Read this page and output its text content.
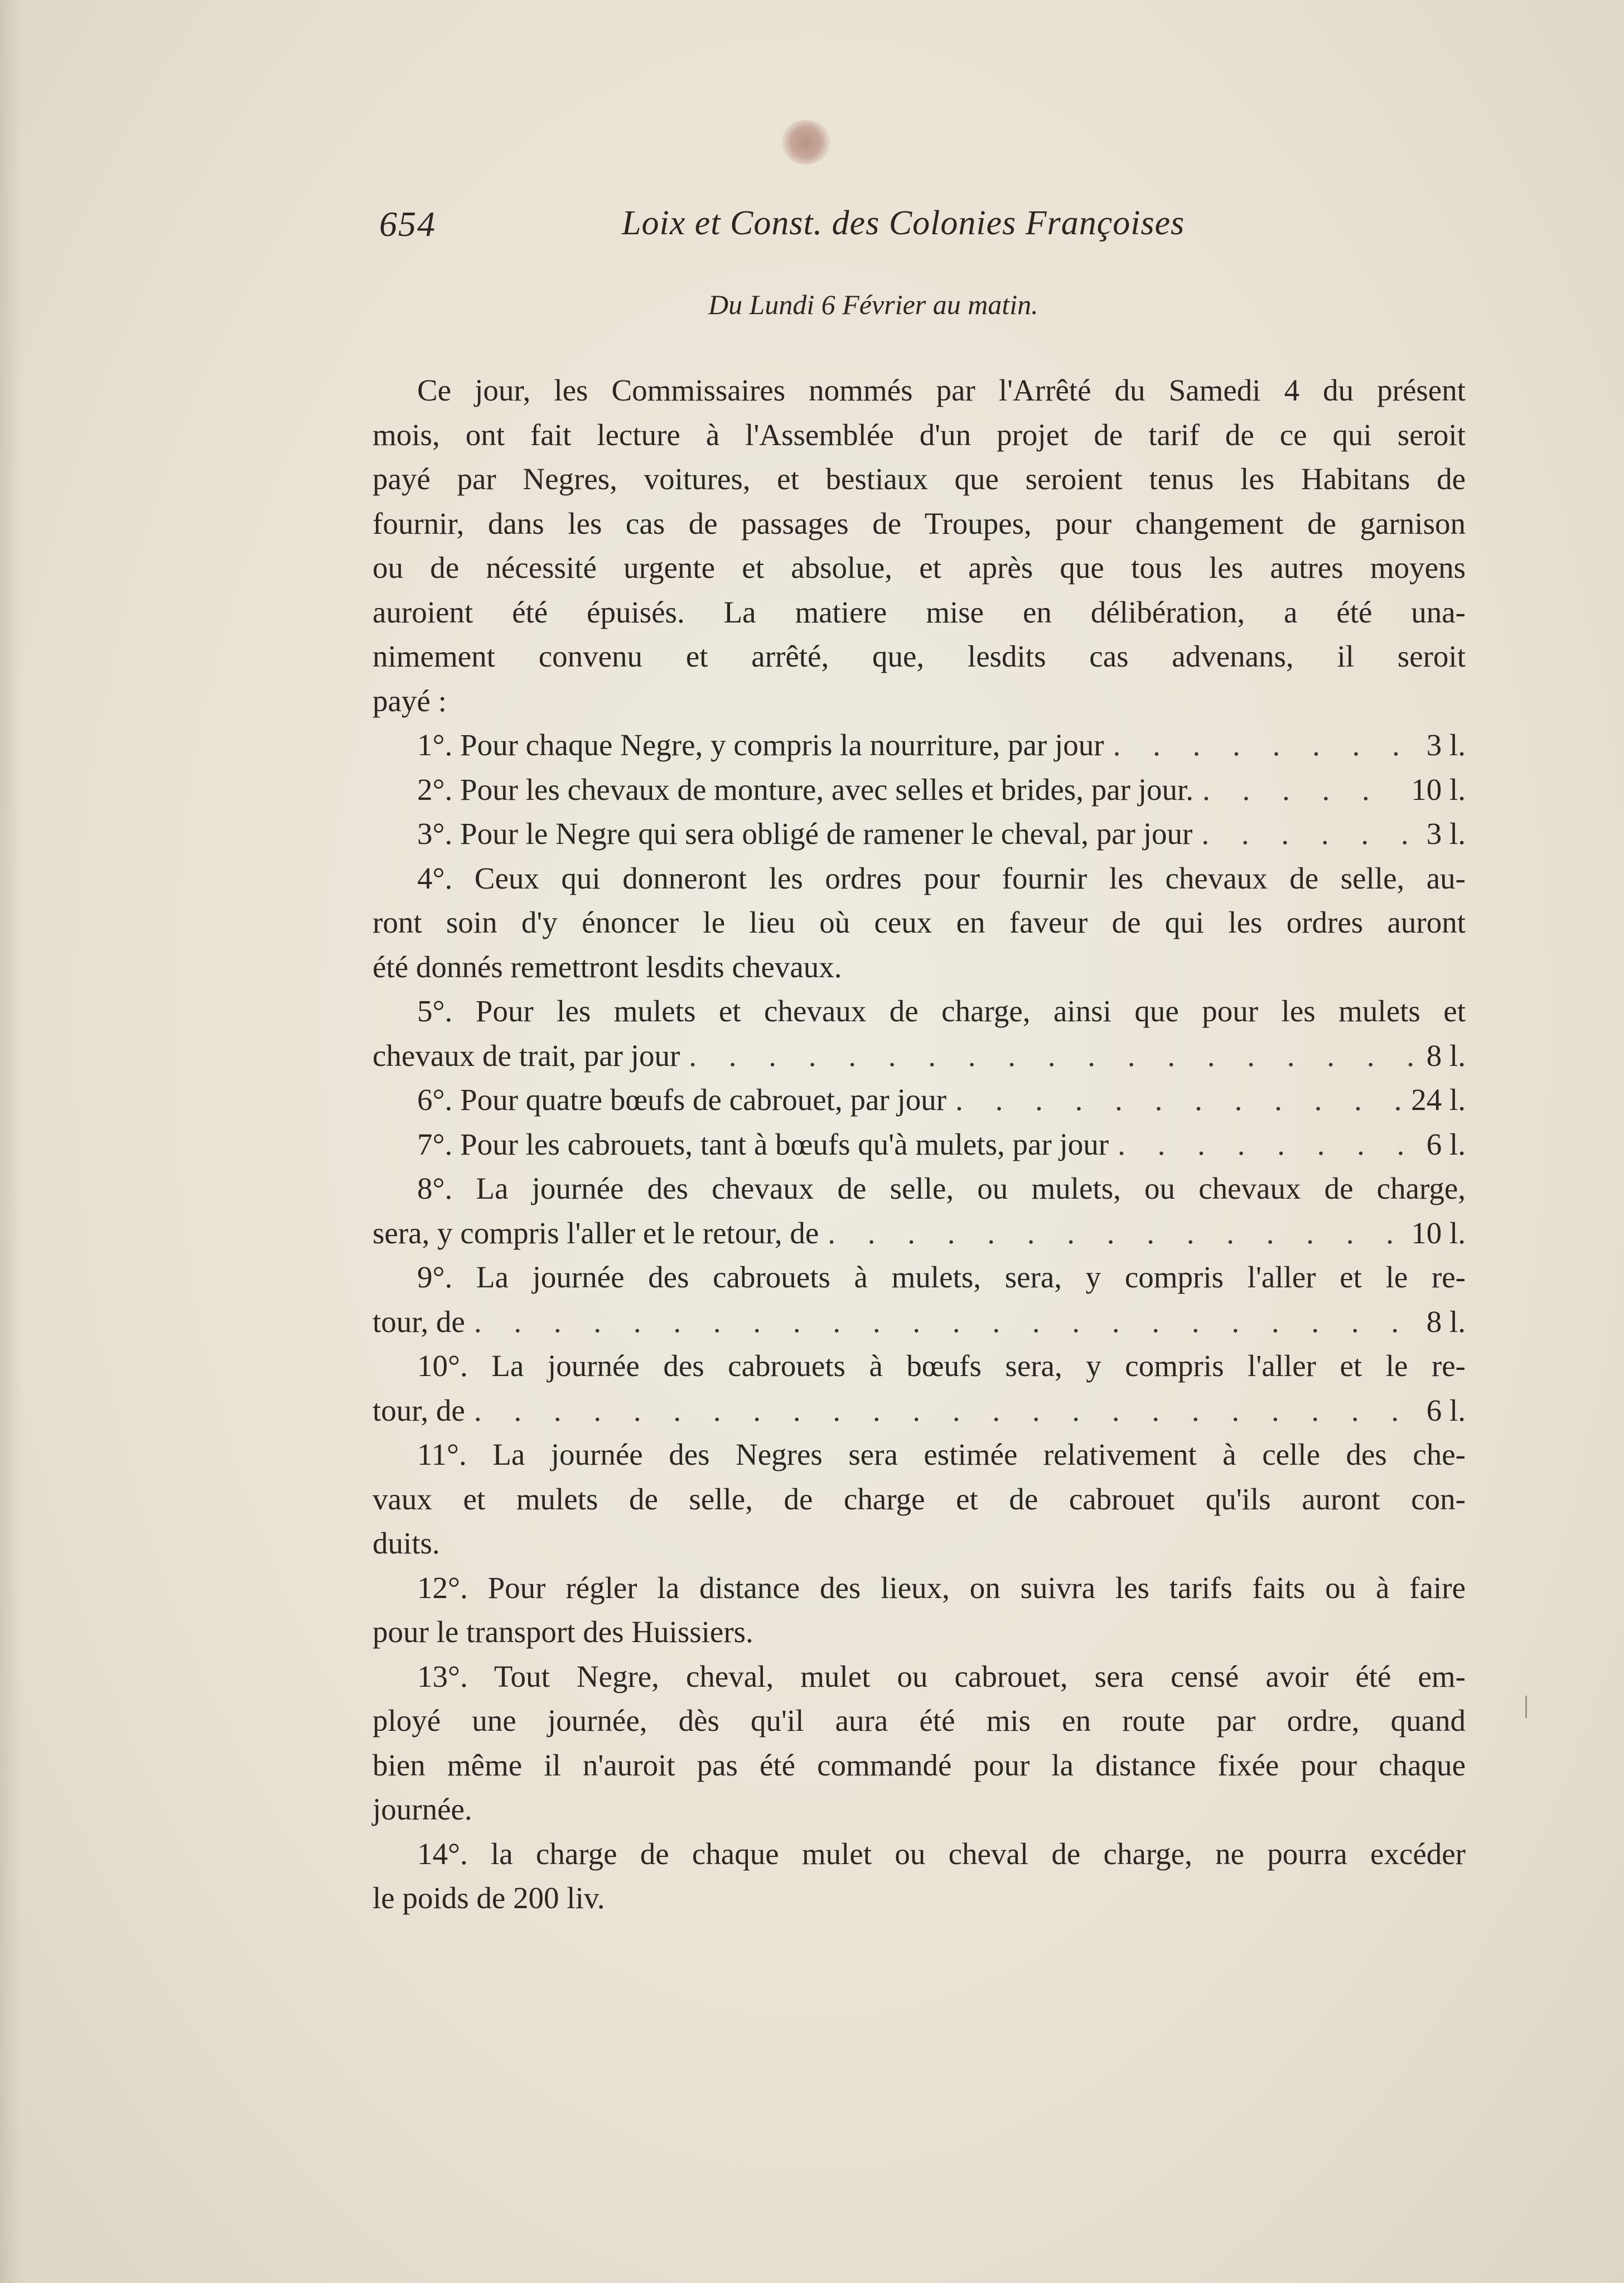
654	Loix et Const. des Colonies Françoises
Du Lundi 6 Février au matin.
Ce jour, les Commissaires nommés par l'Arrêté du Samedi 4 du présent
mois, ont fait lecture à l'Assemblée d'un projet de tarif de ce qui seroit
payé par Negres, voitures, et bestiaux que seroient tenus les Habitans de
fournir, dans les cas de passages de Troupes, pour changement de garnison
ou de nécessité urgente et absolue, et après que tous les autres moyens
auroient été épuisés. La matiere mise en délibération, a été una-
nimement convenu et arrêté, que, lesdits cas advenans, il seroit
payé :
1°. Pour chaque Negre, y compris la nourriture, par jour . . .	3 l.
2°. Pour les chevaux de monture, avec selles et brides, par jour. . . .	10 l.
3°. Pour le Negre qui sera obligé de ramener le cheval, par jour . . .	3 l.
4°. Ceux qui donneront les ordres pour fournir les chevaux de selle, au-
ront soin d'y énoncer le lieu où ceux en faveur de qui les ordres auront
été donnés remettront lesdits chevaux.
5°. Pour les mulets et chevaux de charge, ainsi que pour les mulets et
chevaux de trait, par jour . . .	8 l.
6°. Pour quatre bœufs de cabrouet, par jour . . .	24 l.
7°. Pour les cabrouets, tant à bœufs qu'à mulets, par jour . . .	6 l.
8°. La journée des chevaux de selle, ou mulets, ou chevaux de charge,
sera, y compris l'aller et le retour, de . . .	10 l.
9°. La journée des cabrouets à mulets, sera, y compris l'aller et le re-
tour, de . . .	8 l.
10°. La journée des cabrouets à bœufs sera, y compris l'aller et le re-
tour, de . . .	6 l.
11°. La journée des Negres sera estimée relativement à celle des che-
vaux et mulets de selle, de charge et de cabrouet qu'ils auront con-
duits.
12°. Pour régler la distance des lieux, on suivra les tarifs faits ou à faire
pour le transport des Huissiers.
13°. Tout Negre, cheval, mulet ou cabrouet, sera censé avoir été em-
ployé une journée, dès qu'il aura été mis en route par ordre, quand
bien même il n'auroit pas été commandé pour la distance fixée pour chaque
journée.
14°. la charge de chaque mulet ou cheval de charge, ne pourra excéder
le poids de 200 liv.
